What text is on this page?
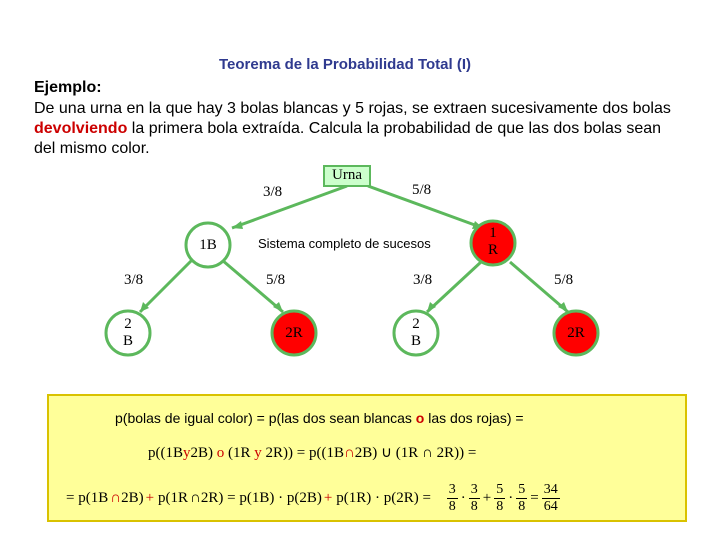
Teorema de la Probabilidad Total (I)
Ejemplo:
De una urna en la que hay 3 bolas blancas y 5 rojas, se extraen sucesivamente dos bolas devolviendo la primera bola extraída. Calcula la probabilidad de que las dos bolas sean del mismo color.
Urna
3/8	5/8
1B
1
R
Sistema completo de sucesos
3/8	5/8	3/8	5/8
2
B	2R
2
B	2R
p(bolas de igual color) = p(las dos sean blancas o las dos rojas) =
p((1By2B) o (1R y 2R)) = p((1B∩2B) ∪ (1R ∩ 2R)) =
= p(1B ∩2B)+p(1R∩2R) = $p(1B) \cdot p(2B)+p(1R) \cdot p(2R) = \frac{3}{8} \cdot \frac{3}{8} + \frac{5}{8} \cdot \frac{5}{8} = \frac{34}{64}$
